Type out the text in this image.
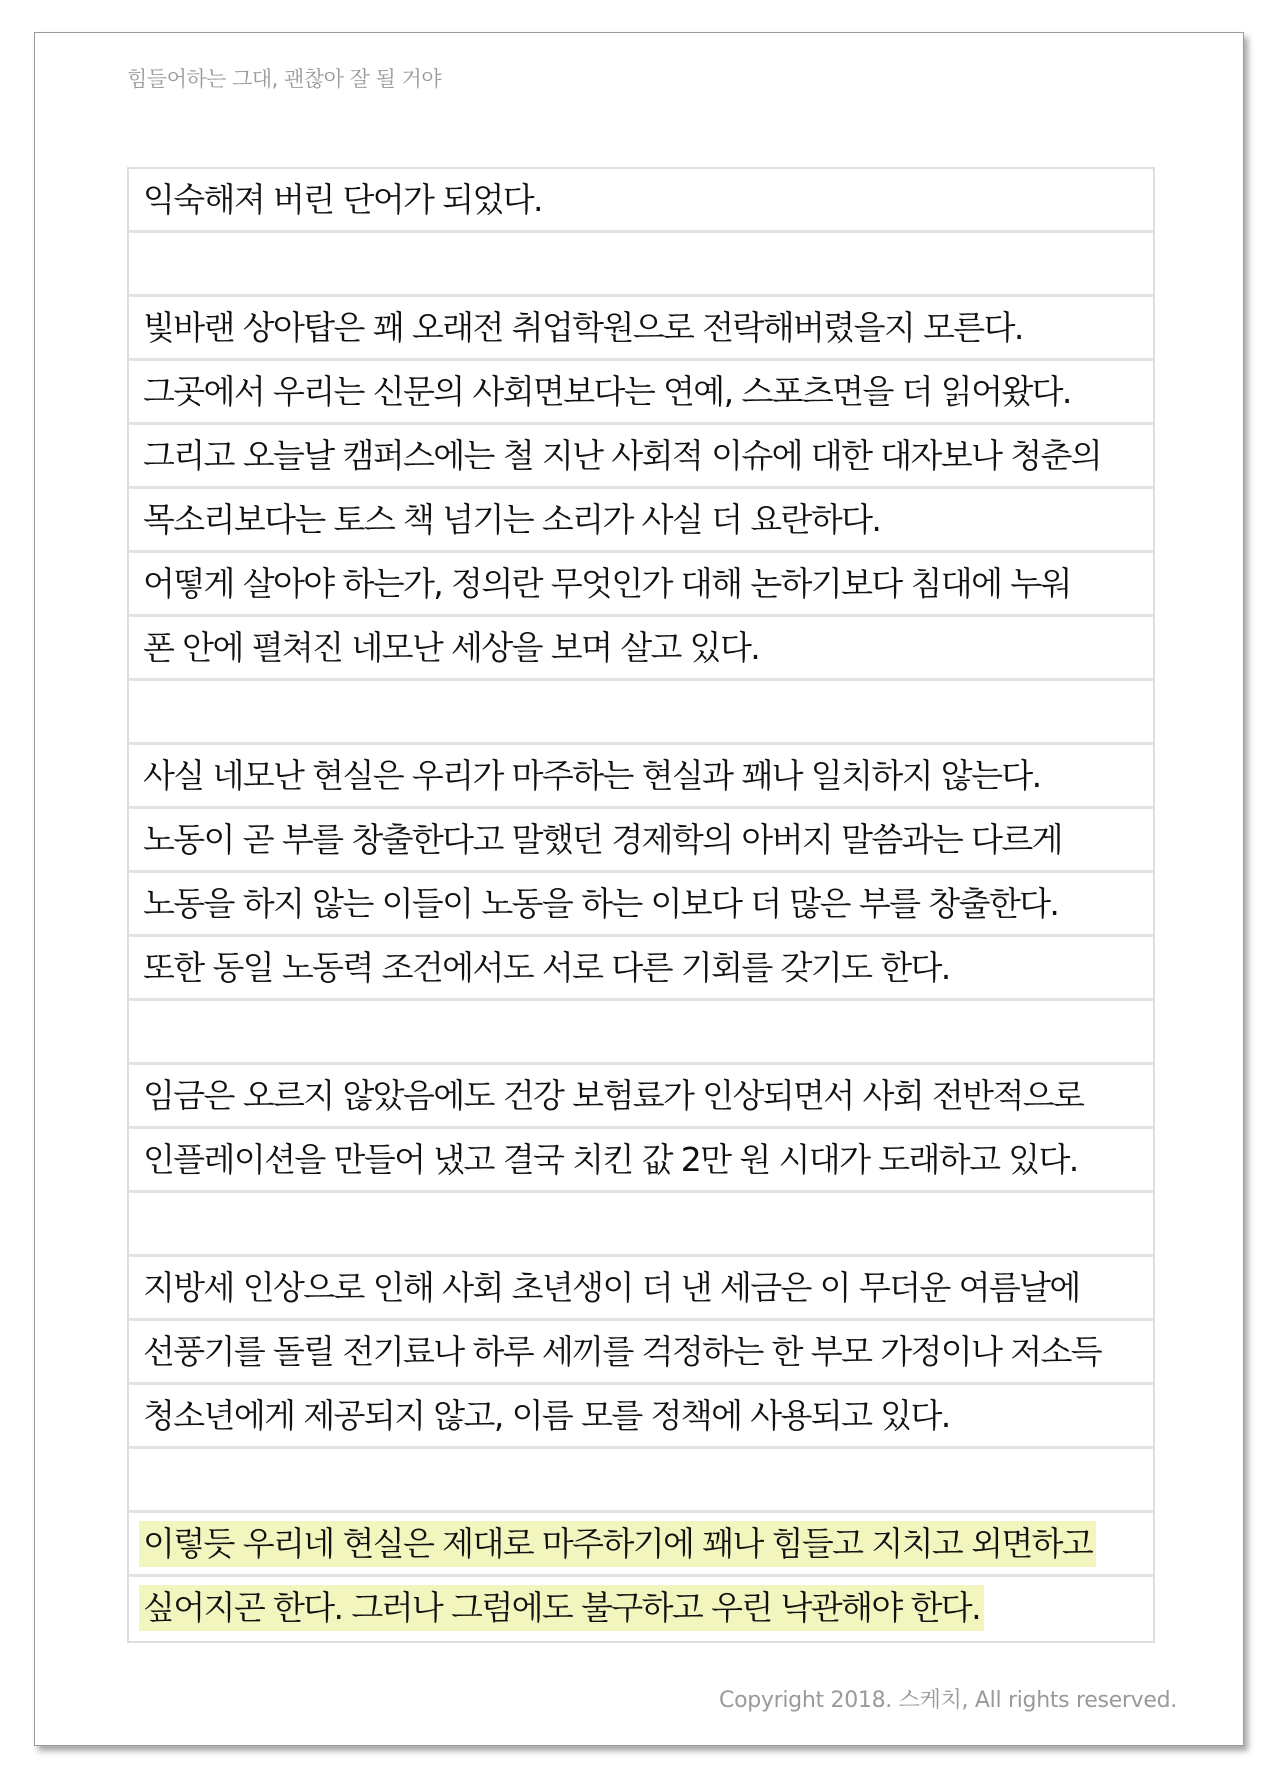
힘들어하는 그대, 괜찮아 잘 될 거야
익숙해져 버린 단어가 되었다.
빛바랜 상아탑은 꽤 오래전 취업학원으로 전락해버렸을지 모른다.
그곳에서 우리는 신문의 사회면보다는 연예, 스포츠면을 더 읽어왔다.
그리고 오늘날 캠퍼스에는 철 지난 사회적 이슈에 대한 대자보나 청춘의
목소리보다는 토스 책 넘기는 소리가 사실 더 요란하다.
어떻게 살아야 하는가, 정의란 무엇인가 대해 논하기보다 침대에 누워
폰 안에 펼쳐진 네모난 세상을 보며 살고 있다.
사실 네모난 현실은 우리가 마주하는 현실과 꽤나 일치하지 않는다.
노동이 곧 부를 창출한다고 말했던 경제학의 아버지 말씀과는 다르게
노동을 하지 않는 이들이 노동을 하는 이보다 더 많은 부를 창출한다.
또한 동일 노동력 조건에서도 서로 다른 기회를 갖기도 한다.
임금은 오르지 않았음에도 건강 보험료가 인상되면서 사회 전반적으로
인플레이션을 만들어 냈고 결국 치킨 값 2만 원 시대가 도래하고 있다.
지방세 인상으로 인해 사회 초년생이 더 낸 세금은 이 무더운 여름날에
선풍기를 돌릴 전기료나 하루 세끼를 걱정하는 한 부모 가정이나 저소득
청소년에게 제공되지 않고, 이름 모를 정책에 사용되고 있다.
이렇듯 우리네 현실은 제대로 마주하기에 꽤나 힘들고 지치고 외면하고
싶어지곤 한다. 그러나 그럼에도 불구하고 우린 낙관해야 한다.
Copyright 2018. 스케치, All rights reserved.
